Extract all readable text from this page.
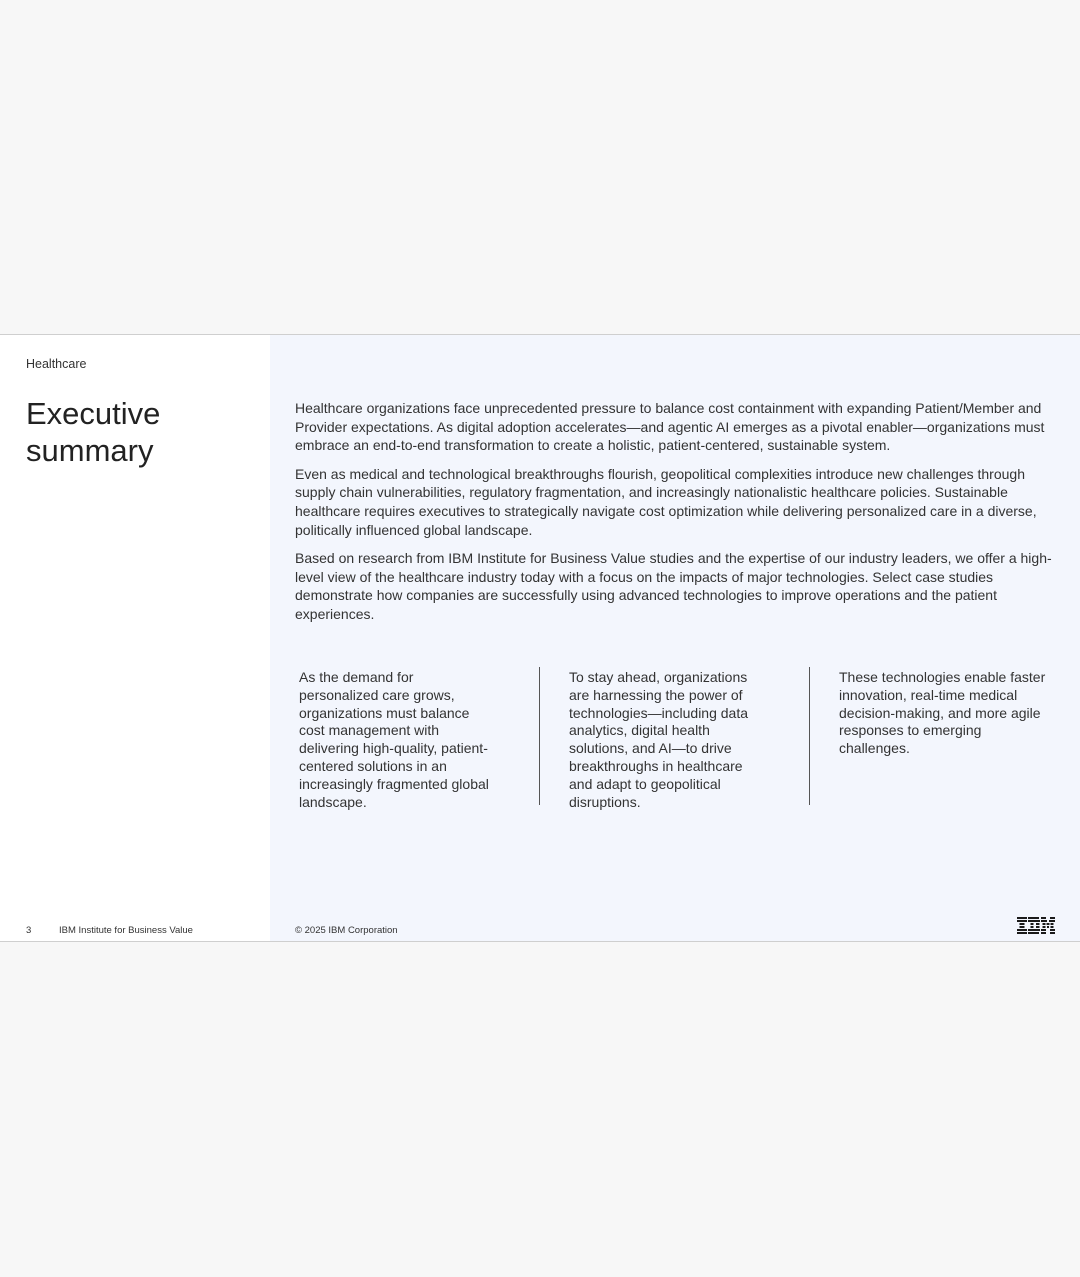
Healthcare
Executive
summary
3	IBM Institute for Business Value

Healthcare organizations face unprecedented pressure to balance cost containment with expanding Patient/Member and Provider expectations. As digital adoption accelerates—and agentic AI emerges as a pivotal enabler—organizations must embrace an end-to-end transformation to create a holistic, patient-centered, sustainable system.

Even as medical and technological breakthroughs flourish, geopolitical complexities introduce new challenges through supply chain vulnerabilities, regulatory fragmentation, and increasingly nationalistic healthcare policies. Sustainable healthcare requires executives to strategically navigate cost optimization while delivering personalized care in a diverse, politically influenced global landscape.

Based on research from IBM Institute for Business Value studies and the expertise of our industry leaders, we offer a high-level view of the healthcare industry today with a focus on the impacts of major technologies. Select case studies demonstrate how companies are successfully using advanced technologies to improve operations and the patient experiences.

As the demand for personalized care grows, organizations must balance cost management with delivering high-quality, patient-centered solutions in an increasingly fragmented global landscape.
To stay ahead, organizations are harnessing the power of technologies—including data analytics, digital health solutions, and AI—to drive breakthroughs in healthcare and adapt to geopolitical disruptions.
These technologies enable faster innovation, real-time medical decision-making, and more agile responses to emerging challenges.
© 2025 IBM Corporation
